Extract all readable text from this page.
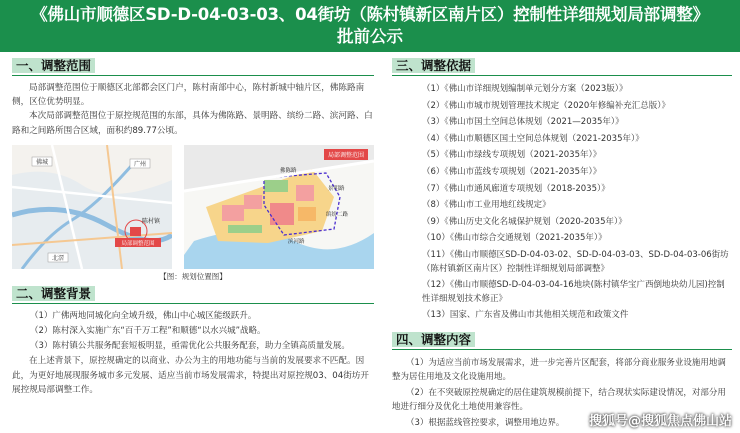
《佛山市顺德区SD-D-04-03-03、04街坊（陈村镇新区南片区）控制性详细规划局部调整》
批前公示
一、调整范围

局部调整范围位于顺德区北部都会区门户，陈村南部中心，陈村新城中轴片区，佛陈路南侧，区位优势明显。

本次局部调整范围位于原控规范围的东部，具体为佛陈路、景明路、缤纷二路、滨河路、白路和之间路所围合区域，面积约89.77公顷。

佛城	广州
陈村镇
局部调整范围
北滘
局部调整范围
佛陈路
景明路
缤纷二路
滨河路
【图：规划位置图】
二、调整背景
（1）广佛两地同城化向全域升级，佛山中心城区能级跃升。
（2）陈村深入实施广东“百千万工程”和顺德“以水兴城”战略。
（3）陈村镇公共服务配套短板明显，亟需优化公共服务配套，助力全镇高质量发展。

在上述背景下，原控规确定的以商业、办公为主的用地功能与当前的发展要求不匹配。因此，为更好地展现服务城市多元发展、适应当前市场发展需求，特提出对原控规03、04街坊开展控规局部调整工作。

三、调整依据
（1）《佛山市详细规划编制单元划分方案（2023版）》
（2）《佛山市城市规划管理技术规定（2020年修编补充汇总版）》
（3）《佛山市国土空间总体规划（2021—2035年）》
（4）《佛山市顺德区国土空间总体规划（2021-2035年）》
（5）《佛山市绿线专项规划（2021-2035年）》
（6）《佛山市蓝线专项规划（2021-2035年）》
（7）《佛山市通风廊道专项规划（2018-2035）》
（8）《佛山市工业用地红线规定》
（9）《佛山历史文化名城保护规划（2020-2035年）》
（10）《佛山市综合交通规划（2021-2035年）》
（11）《佛山市顺德区SD-D-04-03-02、SD-D-04-03-03、SD-D-04-03-06街坊（陈村镇新区南片区）控制性详细规划局部调整》
（12）《佛山市顺德SD-D-04-03-04-16地块(陈村镇华宝广西倒地块幼儿园)控制性详细规划技术修正》
（13）国家、广东省及佛山市其他相关规范和政策文件
四、调整内容
（1）为适应当前市场发展需求，进一步完善片区配套，将部分商业服务业设施用地调整为居住用地及文化设施用地。
（2）在不突破原控规确定的居住建筑规模前提下，结合现状实际建设情况，对部分用地进行细分及优化土地使用兼容性。
（3）根据蓝线管控要求，调整用地边界。	搜狐号@搜狐焦点佛山站
